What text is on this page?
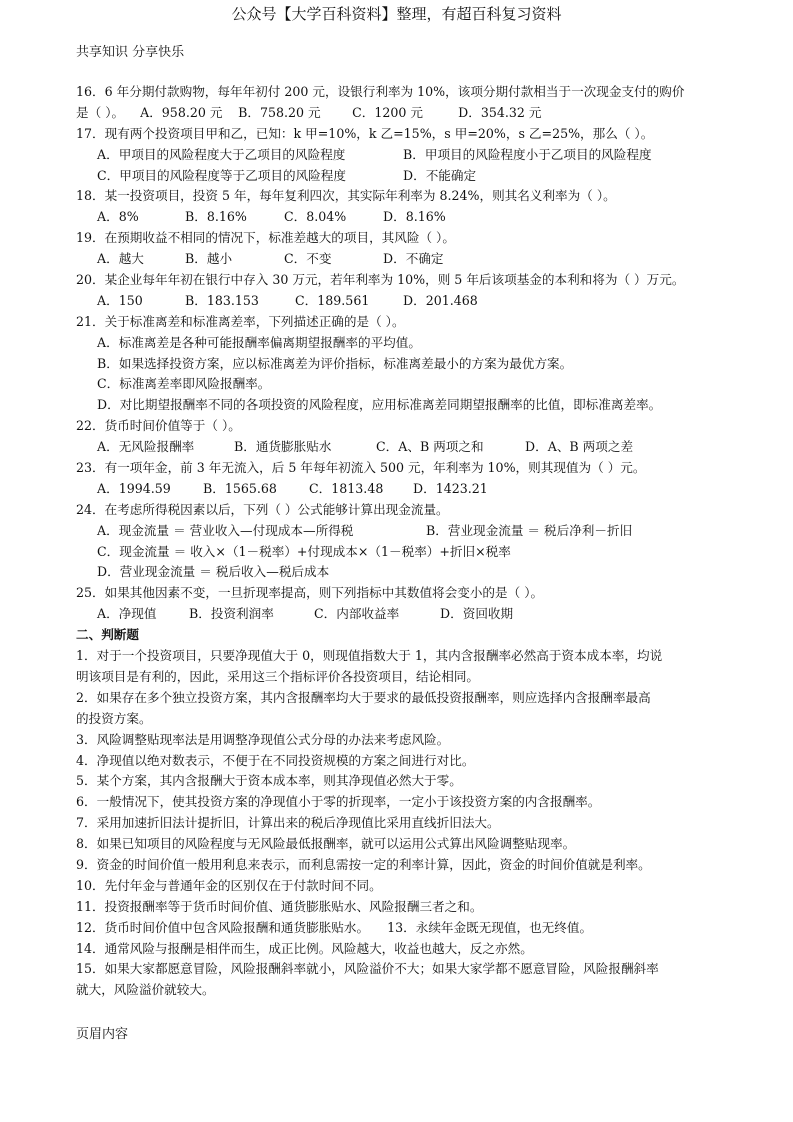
公众号【大学百科资料】整理，有超百科复习资料
共享知识 分享快乐
16．6 年分期付款购物，每年年初付 200 元，设银行利率为 10%，该项分期付款相当于一次现金支付的购价
是（ ）。 A．958.20 元 B．758.20 元	C．1200 元	D．354.32 元
17．现有两个投资项目甲和乙，已知：k 甲=10%，k 乙=15%，s 甲=20%，s 乙=25%，那么（ ）。
A．甲项目的风险程度大于乙项目的风险程度	B．甲项目的风险程度小于乙项目的风险程度
C．甲项目的风险程度等于乙项目的风险程度	D．不能确定
18．某一投资项目，投资 5 年，每年复利四次，其实际年利率为 8.24%，则其名义利率为（ ）。
A．8%	B．8.16%	C．8.04%	D．8.16%
19．在预期收益不相同的情况下，标准差越大的项目，其风险（ ）。
A．越大	B．越小	C．不变	D．不确定
20．某企业每年年初在银行中存入 30 万元，若年利率为 10%，则 5 年后该项基金的本利和将为（ ）万元。
A．150	B．183.153	C．189.561	D．201.468
21．关于标准离差和标准离差率，下列描述正确的是（ ）。
A．标准离差是各种可能报酬率偏离期望报酬率的平均值。
B．如果选择投资方案，应以标准离差为评价指标，标准离差最小的方案为最优方案。
C．标准离差率即风险报酬率。
D．对比期望报酬率不同的各项投资的风险程度，应用标准离差同期望报酬率的比值，即标准离差率。
22．货币时间价值等于（ ）。
A．无风险报酬率	B．通货膨胀贴水	C．A、B 两项之和	D．A、B 两项之差
23．有一项年金，前 3 年无流入，后 5 年每年初流入 500 元，年利率为 10%，则其现值为（ ）元。
A．1994.59	B．1565.68	C．1813.48 D．1423.21
24．在考虑所得税因素以后，下列（ ）公式能够计算出现金流量。
A．现金流量 ＝ 营业收入—付现成本—所得税	B．营业现金流量 ＝ 税后净利－折旧
C．现金流量 ＝ 收入×（1－税率）+付现成本×（1－税率）+折旧×税率
D．营业现金流量 ＝ 税后收入—税后成本
25．如果其他因素不变，一旦折现率提高，则下列指标中其数值将会变小的是（ ）。
A．净现值	B．投资利润率	C．内部收益率	D．资回收期
二、判断题
1．对于一个投资项目，只要净现值大于 0，则现值指数大于 1，其内含报酬率必然高于资本成本率，均说
明该项目是有利的，因此，采用这三个指标评价各投资项目，结论相同。
2．如果存在多个独立投资方案，其内含报酬率均大于要求的最低投资报酬率，则应选择内含报酬率最高
的投资方案。
3．风险调整贴现率法是用调整净现值公式分母的办法来考虑风险。
4．净现值以绝对数表示，不便于在不同投资规模的方案之间进行对比。
5．某个方案，其内含报酬大于资本成本率，则其净现值必然大于零。
6．一般情况下，使其投资方案的净现值小于零的折现率，一定小于该投资方案的内含报酬率。
7．采用加速折旧法计提折旧，计算出来的税后净现值比采用直线折旧法大。
8．如果已知项目的风险程度与无风险最低报酬率，就可以运用公式算出风险调整贴现率。
9．资金的时间价值一般用利息来表示，而利息需按一定的利率计算，因此，资金的时间价值就是利率。
10．先付年金与普通年金的区别仅在于付款时间不同。
11．投资报酬率等于货币时间价值、通货膨胀贴水、风险报酬三者之和。
12．货币时间价值中包含风险报酬和通货膨胀贴水。 13．永续年金既无现值，也无终值。
14．通常风险与报酬是相伴而生，成正比例。风险越大，收益也越大，反之亦然。
15．如果大家都愿意冒险，风险报酬斜率就小，风险溢价不大；如果大家学都不愿意冒险，风险报酬斜率
就大，风险溢价就较大。
页眉内容
